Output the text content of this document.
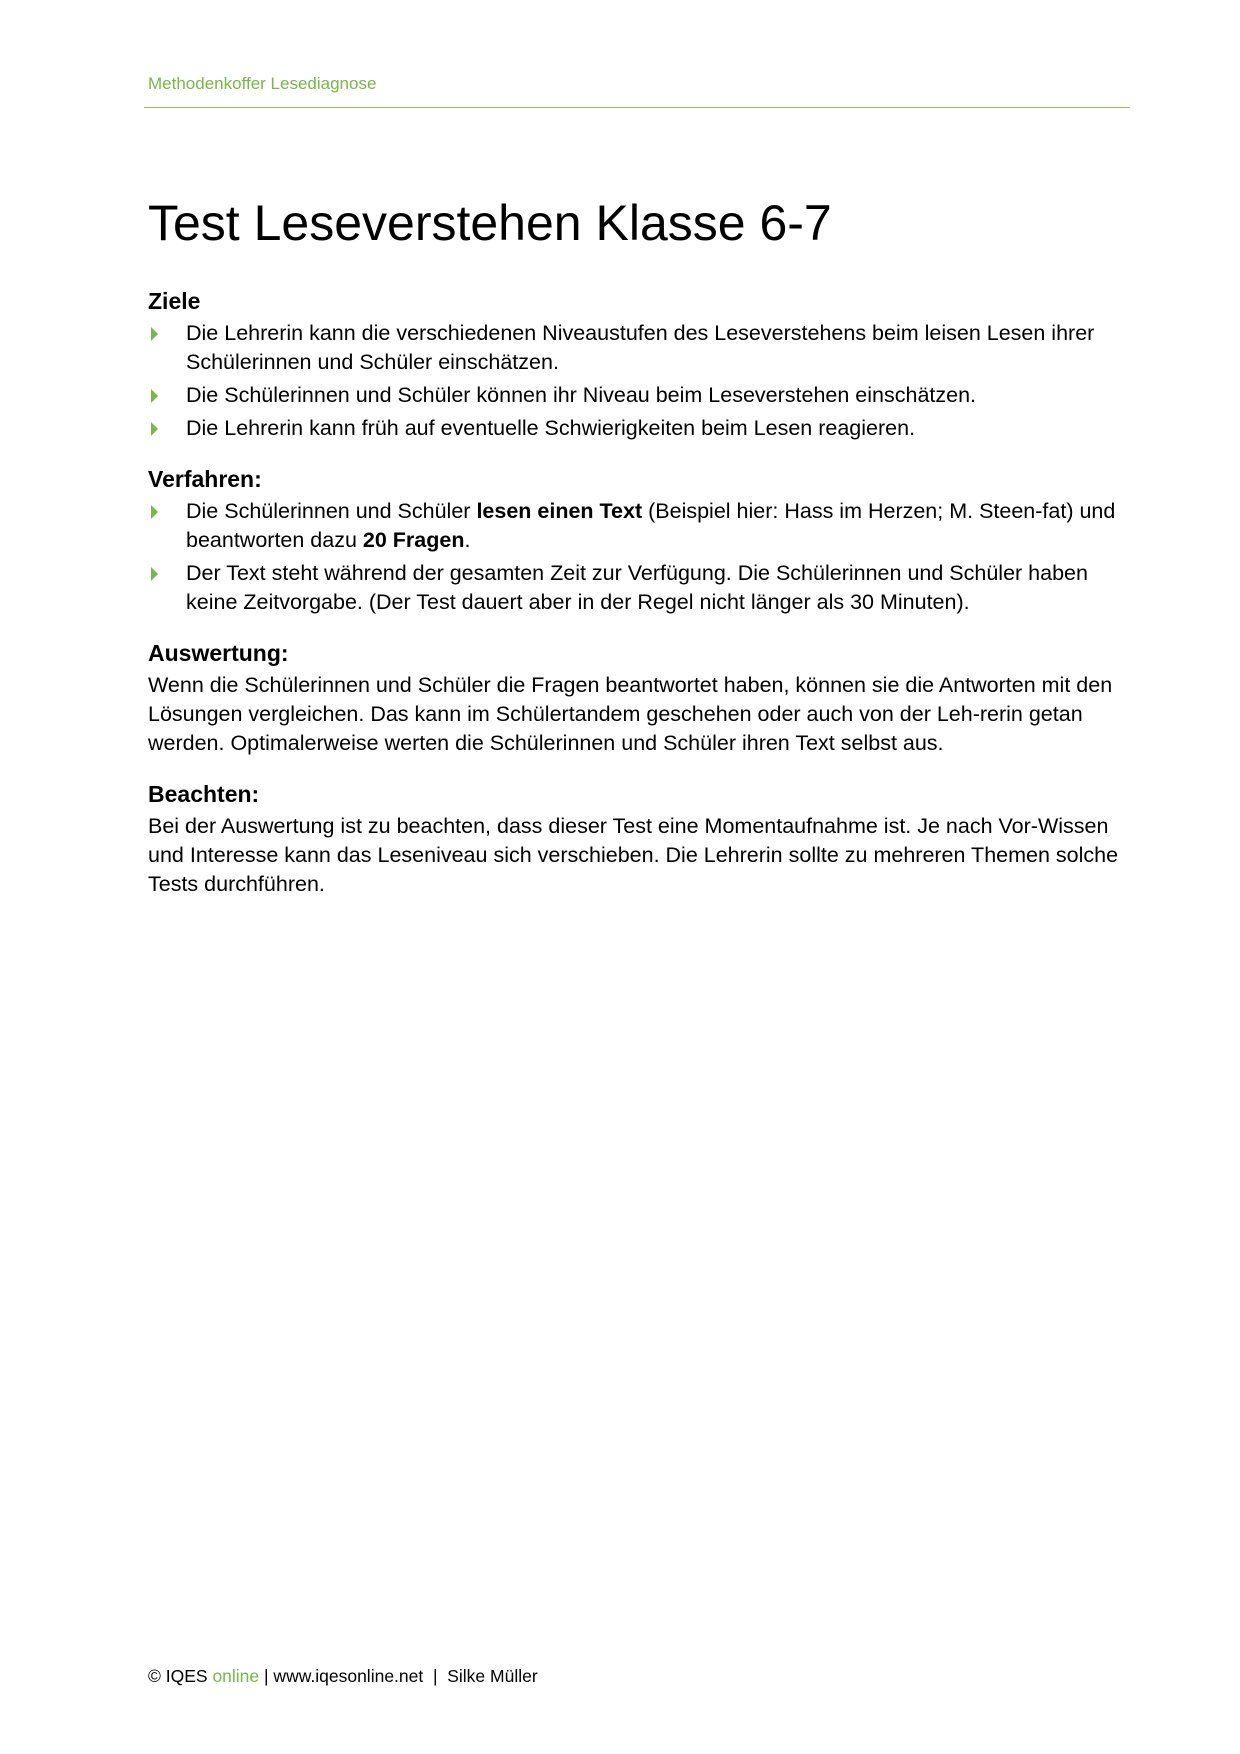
Methodenkoffer Lesediagnose
Test Leseverstehen Klasse 6-7
Ziele
Die Lehrerin kann die verschiedenen Niveaustufen des Leseverstehens beim leisen Lesen ihrer Schülerinnen und Schüler einschätzen.
Die Schülerinnen und Schüler können ihr Niveau beim Leseverstehen einschätzen.
Die Lehrerin kann früh auf eventuelle Schwierigkeiten beim Lesen reagieren.
Verfahren:
Die Schülerinnen und Schüler lesen einen Text (Beispiel hier: Hass im Herzen; M. Steen-fat) und beantworten dazu 20 Fragen.
Der Text steht während der gesamten Zeit zur Verfügung. Die Schülerinnen und Schüler haben keine Zeitvorgabe. (Der Test dauert aber in der Regel nicht länger als 30 Minuten).
Auswertung:

Wenn die Schülerinnen und Schüler die Fragen beantwortet haben, können sie die Antworten mit den Lösungen vergleichen. Das kann im Schülertandem geschehen oder auch von der Leh-rerin getan werden. Optimalerweise werten die Schülerinnen und Schüler ihren Text selbst aus.

Beachten:

Bei der Auswertung ist zu beachten, dass dieser Test eine Momentaufnahme ist. Je nach Vor-Wissen und Interesse kann das Leseniveau sich verschieben. Die Lehrerin sollte zu mehreren Themen solche Tests durchführen.

© IQES online | www.iqesonline.net  |  Silke Müller
